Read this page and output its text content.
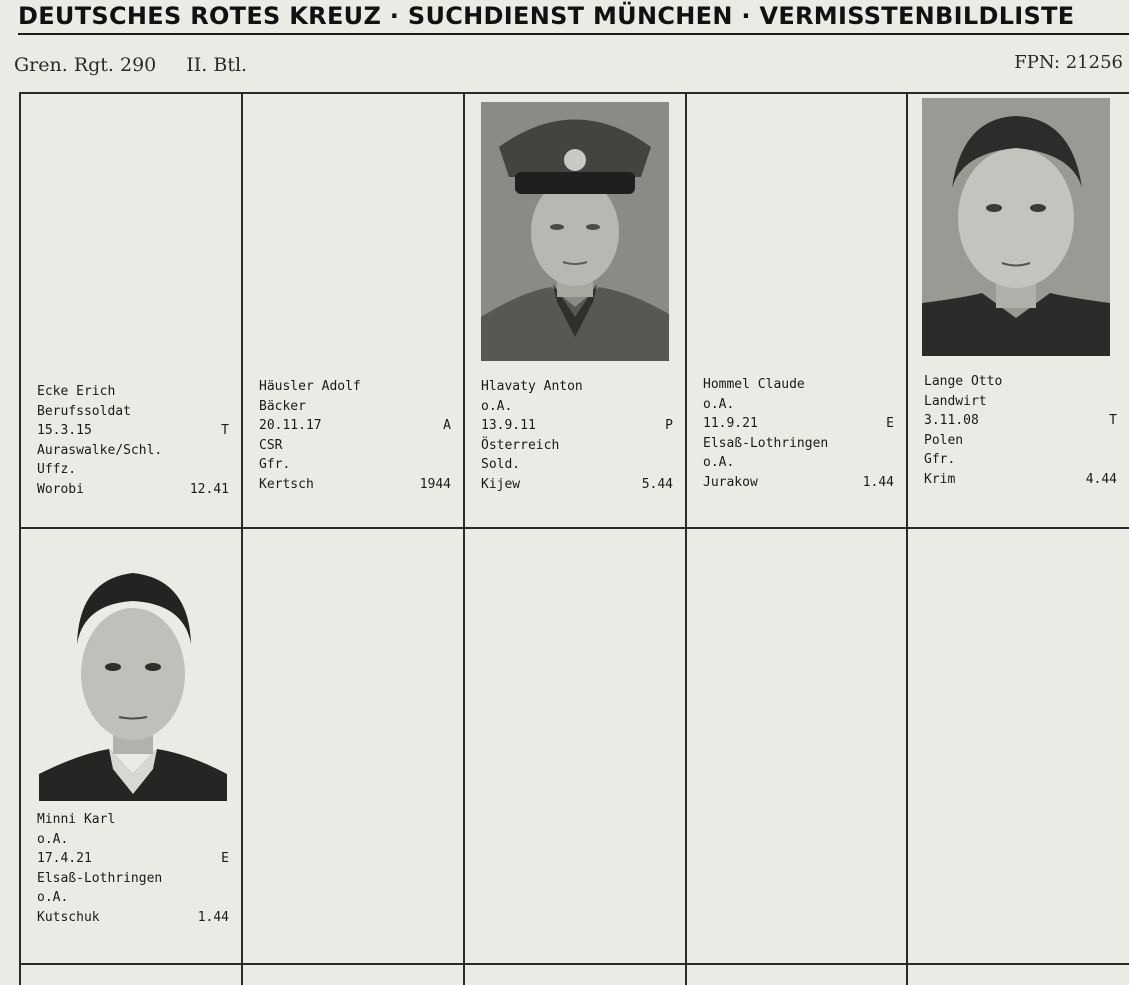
DEUTSCHES ROTES KREUZ · SUCHDIENST MÜNCHEN · VERMISSTENBILDLISTE
Gren. Rgt. 290 II. Btl.	FPN: 21256
Ecke Erich
Berufssoldat
15.3.15	T
Auraswalke/Schl.
Uffz.
Worobi	12.41
Häusler Adolf
Bäcker
20.11.17	A
CSR
Gfr.
Kertsch	1944
Hlavaty Anton
o.A.
13.9.11	P
Österreich
Sold.
Kijew	5.44
Hommel Claude
o.A.
11.9.21	E
Elsaß-Lothringen
o.A.
Jurakow	1.44
Lange Otto
Landwirt
3.11.08	T
Polen
Gfr.
Krim	4.44
Minni Karl
o.A.
17.4.21	E
Elsaß-Lothringen
o.A.
Kutschuk	1.44
